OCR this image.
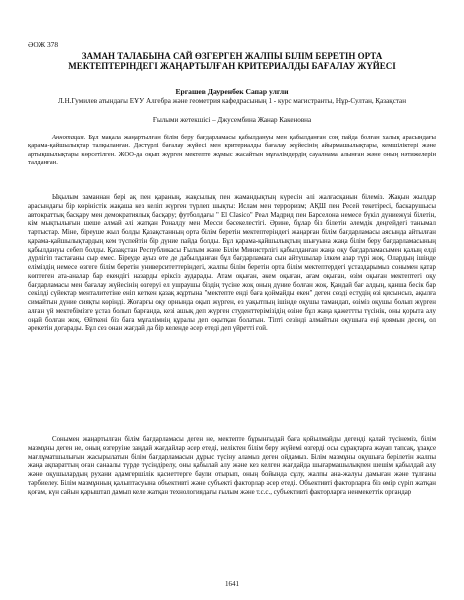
ӘОЖ 378
ЗАМАН ТАЛАБЫНА САЙ ӨЗГЕРГЕН ЖАЛПЫ БІЛІМ БЕРЕТІН ОРТА МЕКТЕПТЕРІНДЕГІ ЖАҢАРТЫЛҒАН КРИТЕРИАЛДЫ БАҒАЛАУ ЖҮЙЕСІ
Ергашев Дауренбек Сапар улгли
Л.Н.Гумилев атындағы ЕҰУ Алгебра және геометрия кафедрасының 1 - курс магистранты, Нұр-Султан, Қазақстан
Ғылыми жетекшісі – Джусембина Жанар Какеновна

Аннотация. Бұл мақала жаңартылған білім беру бағдарламасы қабылдануы мен қабылданған соң пайда болған халық арасындағы қарама-қайшылықтар талқыланған. Дәстүрлі бағалау жүйесі мен критериалды бағалау жүйесінің айырмашылықтары, кемшіліктері және артықшылықтары көрсетілген. ЖОО-да оқып жүрген мектепте жұмыс жасайтын мұғалімдердің сауалнама алынған және оның нәтижелерін талданған.

Ықылым заманнан бері ақ пен қараның, жақсылық пен жамандықтың күресін әлі жалғасқанын білеміз. Жақын жылдар арасындағы бір көріністік жақаша кез келіп жүрген түрлеп шықты: Ислам мен терроризм; АҚШ пен Ресей текетіресі, баскарушысы автократтық басқару мен демократиялық басқару; футболдағы " El Clasico" Реал Мадрид пен Барселона немесе бүкіл дүниежүзі білетін, кім мықтылығын шеше алмай әлі жатқан Роналду мен Месси бәсекелестігі. Әрине, бұлар біз білетін әлемдік деңгейдегі танымал тартыстар. Міне, біреуше жыл болды Қазақстанның орта білім беретін мектептеріндегі жаңарған білім бағдарламасы аясында айтылған қарама-қайшылықтардың кем түспейтін бір дүние пайда болды. Бұл қарама-қайшылықтың шығуына жаңа білім беру бағдарламасының қабылдануы себеп болды. Қазақстан Республикасы Ғылым және Білім Министрлігі қабылданған жаңа оқу бағдарламасымен қалың елді дүрлігіп тастағаны сыр емес. Біреуде ауыз өте де дабылданған бұл бағдарламаға сын айтушылар ілкем азар түрі жоқ. Олардың ішінде еліміздің немесе өзгеге білім беретін университеттеріндегі, жалпы білім беретін орта білім мектептердегі ұстаздарымыз сонымен қатар көптеген ата-аналар бар екендігі назарды еріксіз аударады. Атам оқыған, әкем оқыған, ағам оқыған, өзім оқыған мектептегі оқу бағдарламасы мен бағалау жүйесінің өзгеруі ел ушраушы біздің түсіне жоқ оның дүние болған жоқ. Қандай бағ алдың, қанша бесік бар секілді сүйектар менталитетіне еніп кеткен қазақ жұртына "мектепте енді баға қоймайды екен" деген сөзді естудің өзі қисынсыз, ақылға симайтын дүние сияқты көрінді. Жоғарғы оқу орнында оқып жүрген, ез уақытпың ішінде оқушы тамандап, өзіміз оқушы болып жүрген алған үй мектебімізге ұстаз болып барғанда, кезі ашық деп жүрген студенттерімізідің өзіне бұл жаңа қажеттты түсінік, оны қорыта алу оңай болған жоқ. Өйткені біз баға мұғалімнің құралы деп оқытқан болатын. Тіпті сезінді алмайтын оқушыға еңі қоямын десең, ол әрекетін догарады. Бұл сез онан жағдай да бір келенде әсер етеді деп үйретті ғой.

Сонымен жаңартылған білім бағдарламасы деген не, мектепте бұрынғыдай баға қойылмайды дегенді қалай түсінеміз, білім мазмұны деген не, оның өзгеруіне заңдай жағдайлар әсер етеді, неліктен білім беру жүйемі өзгерді осы сұрақтарға жауап тапсақ, ұзақсе мағлұматшылығын жасырылатын білім бағдарламасын дұрыс түсіну аламыз деген ойдамыз. Білім мазмұны оқушыға берілетін жалпы жаңа ақпараттың оған санаалы түрде түсіндірелу, оны қабылай алу және кез келген жағдайда шығармашылықпен шешім қабылдай алу және оқушылардың рухани адамгершілік қасиеттерге баули отырып, оның бойында сұлу, жалпы ана-жалуы дамыған және тұлғаны тәрбиелеу. Білім мазмұнның қалыптасуына объективті және субъекті факторлар әсер етеді. Объективті факторларға біз өмір сүріп жатқан қоғам, күн сайын қарыштап дамып келе жатқан технологиядағы ғылым және т.с.с., субъективті факторларға ненмекеттік органдар

1641
